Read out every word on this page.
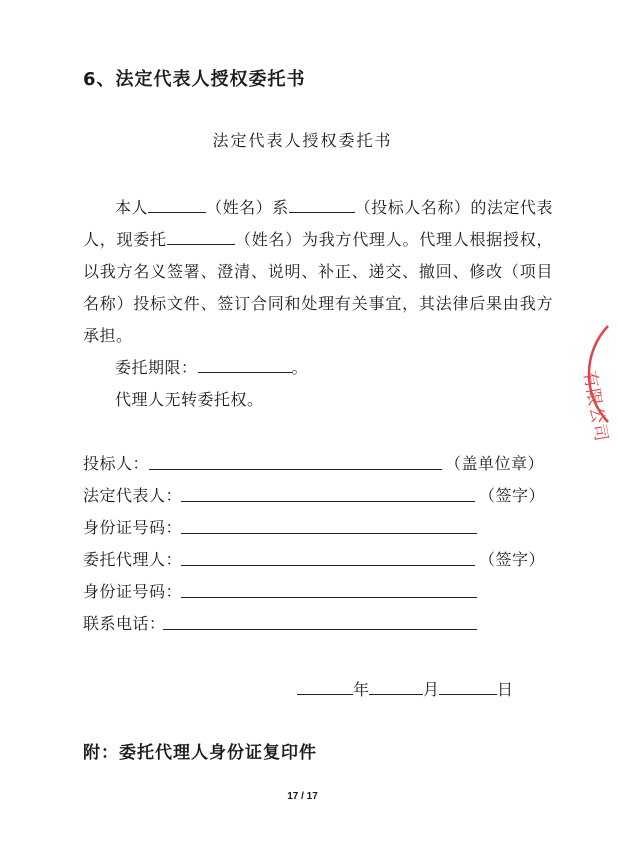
6、法定代表人授权委托书
法定代表人授权委托书

本人	（姓名）系	（投标人名称）的法定代表人，现委托	（姓名）为我方代理人。代理人根据授权，以我方名义签署、澄清、说明、补正、递交、撤回、修改（项目名称）投标文件、签订合同和处理有关事宜，其法律后果由我方承担。

委托期限：	。
代理人无转委托权。
投标人：	（盖单位章）
法定代表人：	（签字）
身份证号码：
委托代理人：	（签字）
身份证号码：
联系电话：
年	月	日
附：委托代理人身份证复印件
17 / 17
有限公司
